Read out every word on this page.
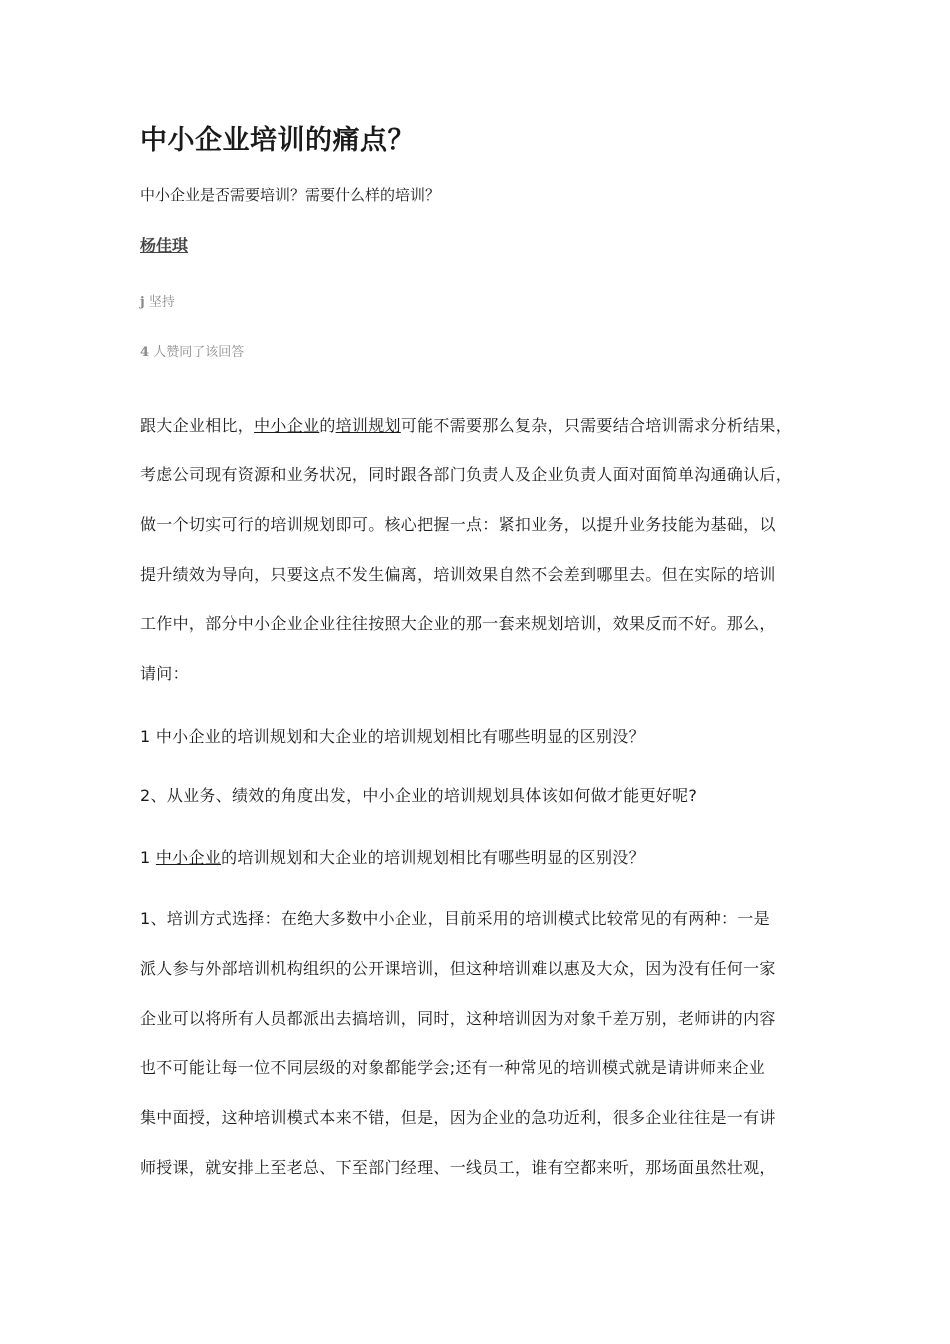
中小企业培训的痛点？
中小企业是否需要培训？需要什么样的培训？
杨佳琪
j 坚持
4 人赞同了该回答
跟大企业相比，中小企业的培训规划可能不需要那么复杂，只需要结合培训需求分析结果，
考虑公司现有资源和业务状况，同时跟各部门负责人及企业负责人面对面简单沟通确认后，
做一个切实可行的培训规划即可。核心把握一点：紧扣业务，以提升业务技能为基础，以
提升绩效为导向，只要这点不发生偏离，培训效果自然不会差到哪里去。但在实际的培训
工作中，部分中小企业企业往往按照大企业的那一套来规划培训，效果反而不好。那么，
请问：
1 中小企业的培训规划和大企业的培训规划相比有哪些明显的区别没？
2、从业务、绩效的角度出发，中小企业的培训规划具体该如何做才能更好呢?
1 中小企业的培训规划和大企业的培训规划相比有哪些明显的区别没？
1、培训方式选择：在绝大多数中小企业，目前采用的培训模式比较常见的有两种：一是
派人参与外部培训机构组织的公开课培训，但这种培训难以惠及大众，因为没有任何一家
企业可以将所有人员都派出去搞培训，同时，这种培训因为对象千差万别，老师讲的内容
也不可能让每一位不同层级的对象都能学会;还有一种常见的培训模式就是请讲师来企业
集中面授，这种培训模式本来不错，但是，因为企业的急功近利，很多企业往往是一有讲
师授课，就安排上至老总、下至部门经理、一线员工，谁有空都来听，那场面虽然壮观，
